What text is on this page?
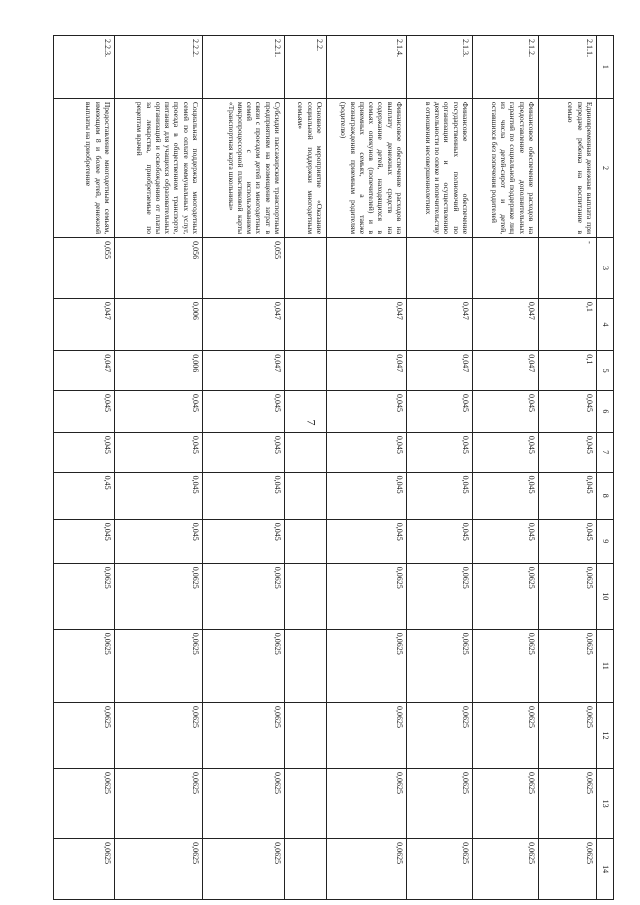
7
1	2	3	4	5	6	7	8	9	10	11	12	13	14
2.1.1.	Единовременная денежная выплата при передаче ребенка на воспитание в семью	-	0,1	0,1	0,045	0,045	0,045	0,045	0,0625	0,0625	0,0625	0,0625	0,0625
2.1.2.	Финансовое обеспечение расходов на предоставление дополнительных гарантий по социальной поддержке лиц из числа детей-сирот и детей, оставшихся без попечения родителей		0,047	0,047	0,045	0,045	0,045	0,045	0,0625	0,0625	0,0625	0,0625	0,0625
2.1.3.	Финансовое обеспечение государственных полномочий по организации и осуществлению деятельности по опеке и попечительству в отношении несовершеннолетних		0,047	0,047	0,045	0,045	0,045	0,045	0,0625	0,0625	0,0625	0,0625	0,0625
2.1.4.	Финансовое обеспечение расходов на выплату денежных средств на содержание детей, находящихся в семьях опекунов (попечителей) и в приемных семьях, а также вознаграждения приемным родителям (родителю)		0,047	0,047	0,045	0,045	0,045	0,045	0,0625	0,0625	0,0625	0,0625	0,0625
2.2.	Основное мероприятие «Оказание социальной поддержки многодетным семьям»												
2.2.1.	Субсидии пассажирским транспортным предприятиям на возмещение затрат в связи с проездом детей из многодетных семей с использованием микропроцессорной пластиковой карты «Транспортная карта школьника»	0,055	0,047	0,047	0,045	0,045	0,045	0,045	0,0625	0,0625	0,0625	0,0625	0,0625
2.2.2.	Социальная поддержка многодетных семей по оплате коммунальных услуг, проезда в общественном транспорте, питания для учащихся образовательных организаций и освобождению от платы за лекарства, приобретаемые по рецептам врачей	0,056	0,006	0,006	0,045	0,045	0,045	0,045	0,0625	0,0625	0,0625	0,0625	0,0625
2.2.3.	Предоставление многодетным семьям, имеющим 8 и более детей, денежной выплаты на приобретение	0,055	0,047	0,047	0,045	0,045	0,45	0,045	0,0625	0,0625	0,0625	0,0625	0,0625
